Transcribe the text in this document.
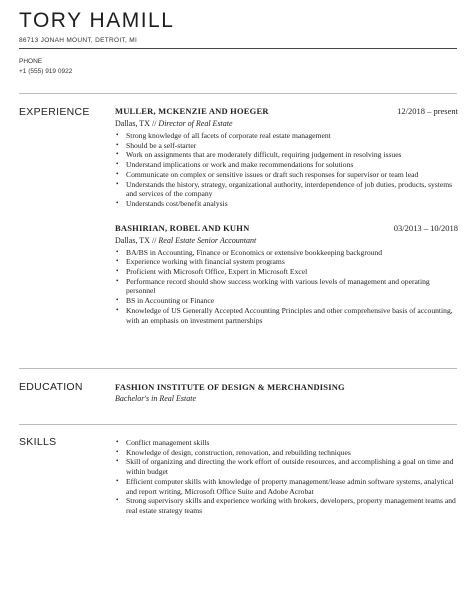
TORY HAMILL
86713 JONAH MOUNT, DETROIT, MI
PHONE
+1 (555) 919 0922
EXPERIENCE	MULLER, MCKENZIE AND HOEGER	12/2018 – present
Dallas, TX // Director of Real Estate
• Strong knowledge of all facets of corporate real estate management
• Should be a self-starter
• Work on assignments that are moderately difficult, requiring judgement in resolving issues
• Understand implications or work and make recommendations for solutions
• Communicate on complex or sensitive issues or draft such responses for supervisor or team lead
• Understands the history, strategy, organizational authority, interdependence of job duties, products, systems and services of the company
• Understands cost/benefit analysis
BASHIRIAN, ROBEL AND KUHN	03/2013 – 10/2018
Dallas, TX // Real Estate Senior Accountant
• BA/BS in Accounting, Finance or Economics or extensive bookkeeping background
• Experience working with financial system programs
• Proficient with Microsoft Office, Expert in Microsoft Excel
• Performance record should show success working with various levels of management and operating personnel
• BS in Accounting or Finance
• Knowledge of US Generally Accepted Accounting Principles and other comprehensive basis of accounting, with an emphasis on investment partnerships
EDUCATION	FASHION INSTITUTE OF DESIGN & MERCHANDISING
Bachelor's in Real Estate
SKILLS	• Conflict management skills
• Knowledge of design, construction, renovation, and rebuilding techniques
• Skill of organizing and directing the work effort of outside resources, and accomplishing a goal on time and within budget
• Efficient computer skills with knowledge of property management/lease admin software systems, analytical and report writing, Microsoft Office Suite and Adobe Acrobat
• Strong supervisory skills and experience working with brokers, developers, property management teams and real estate strategy teams
